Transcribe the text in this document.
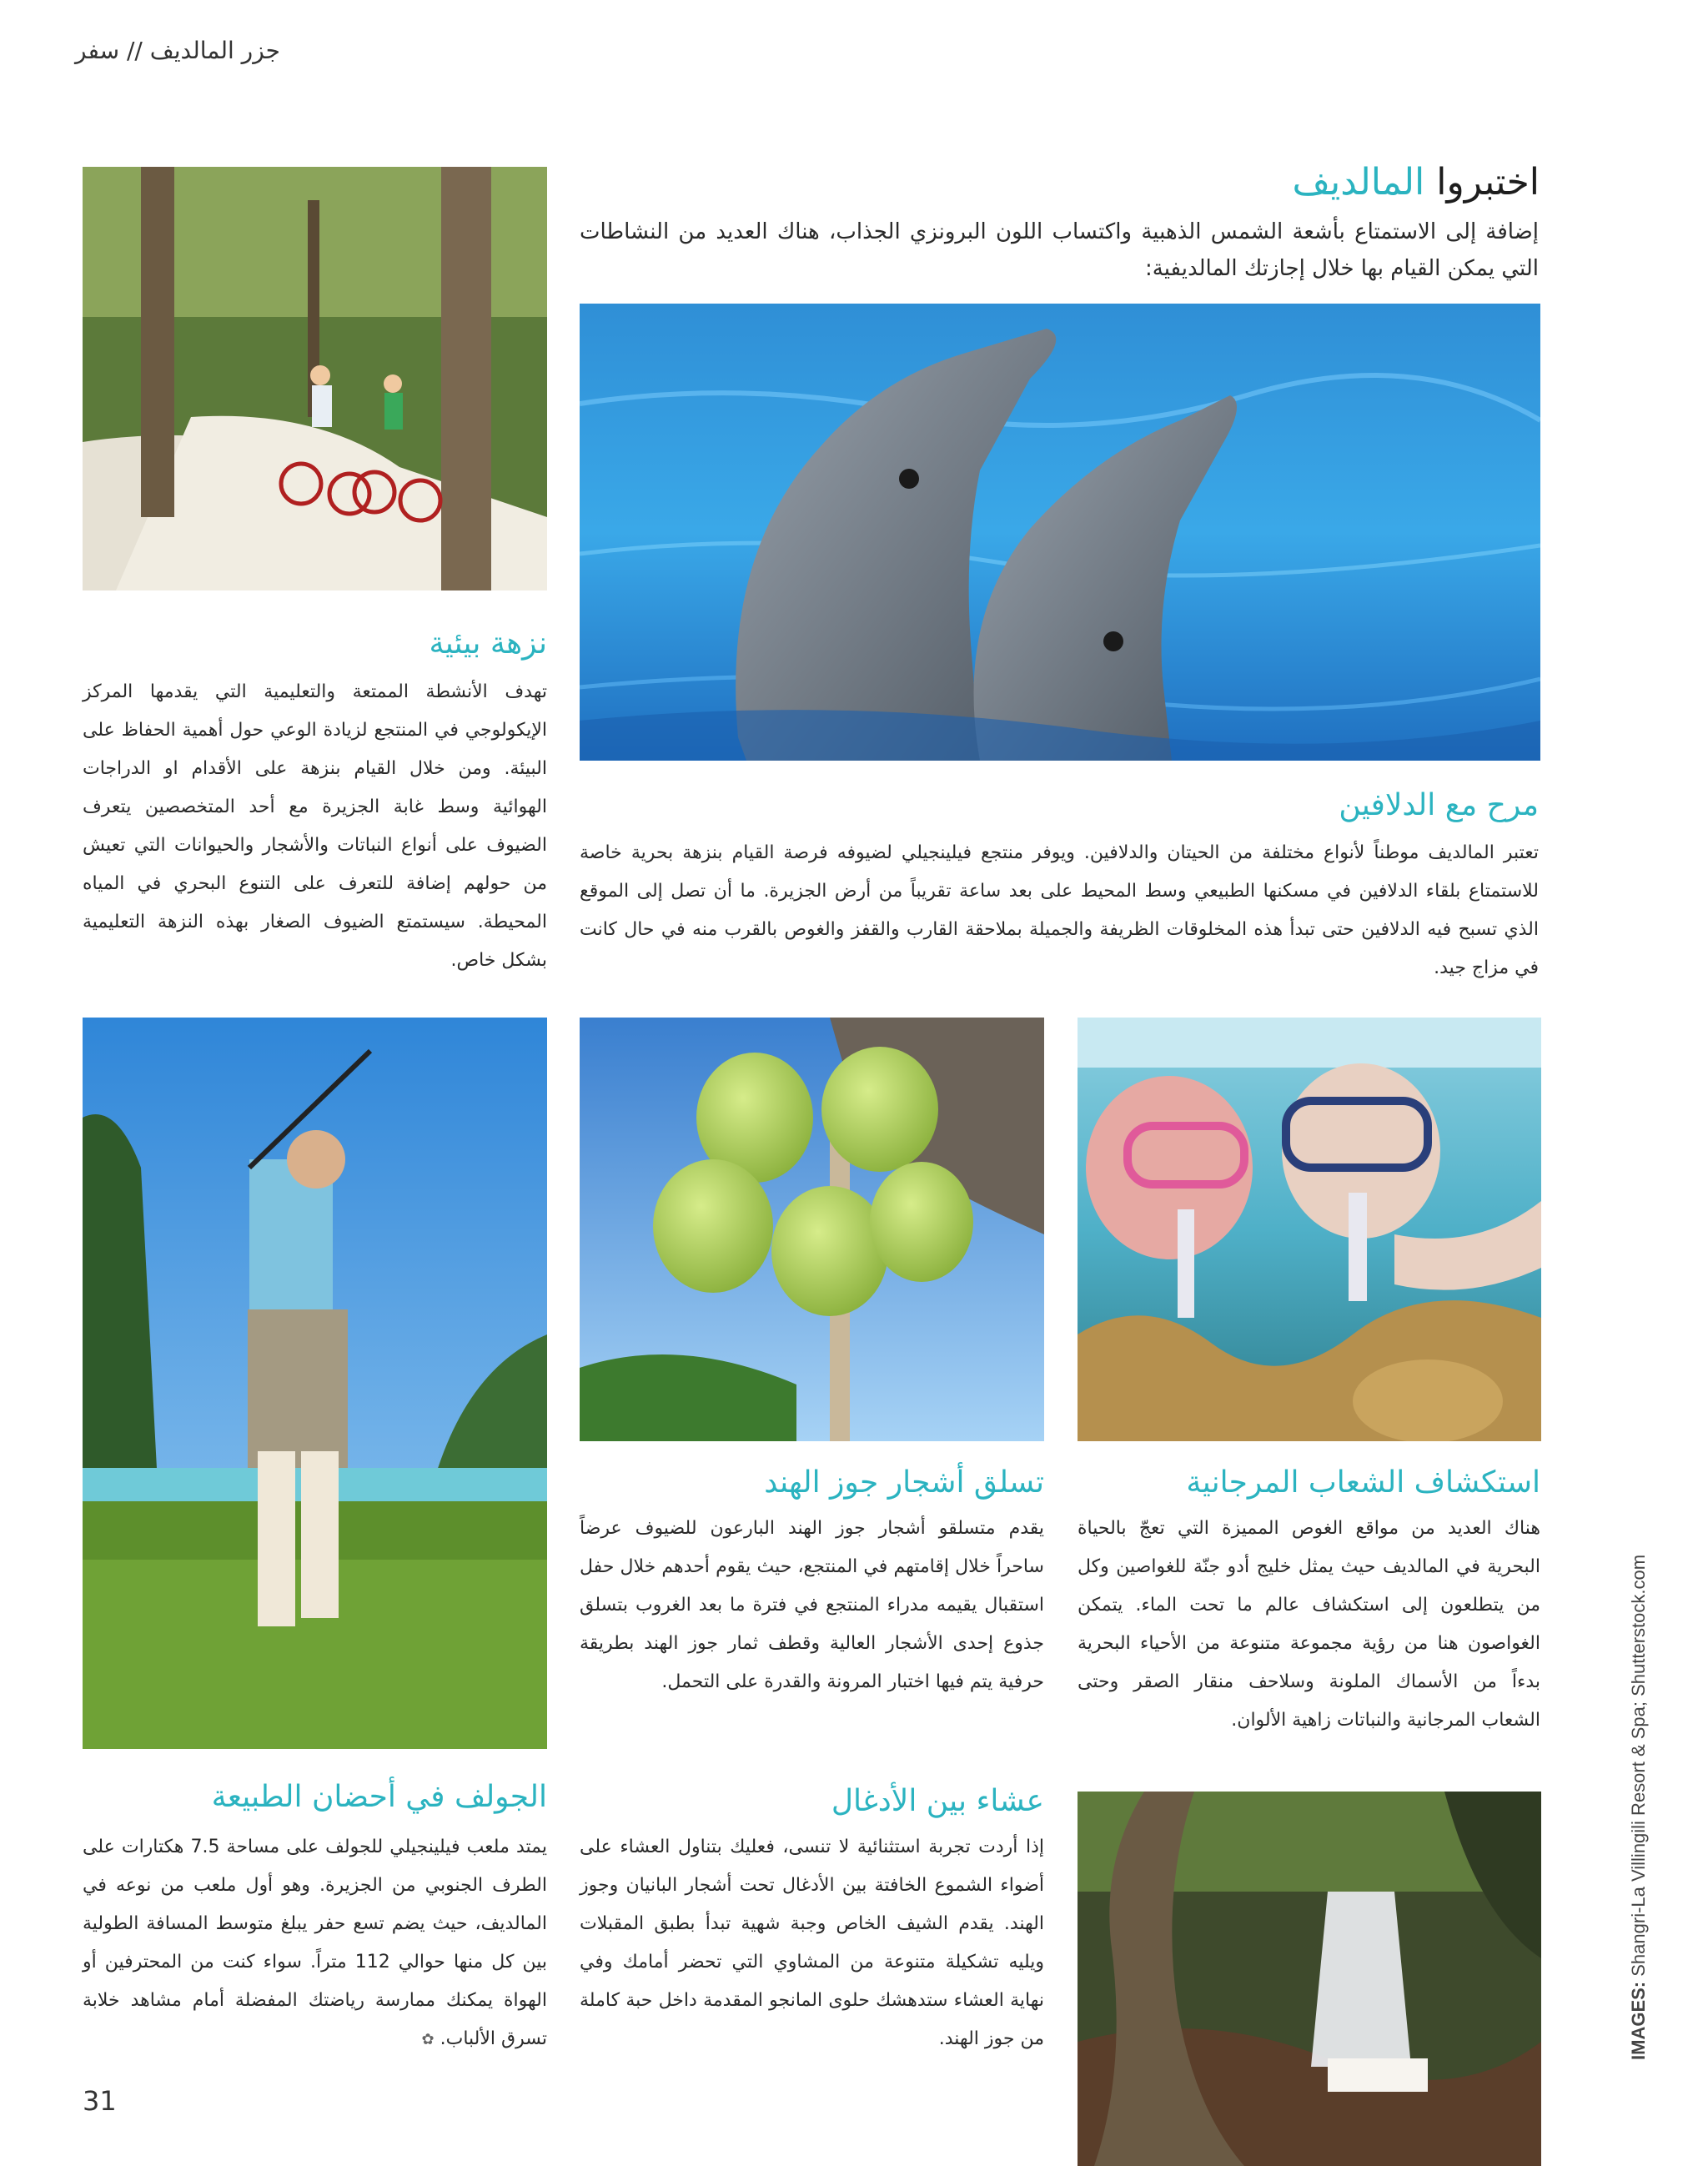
جزر المالديف // سفر
اختبروا المالديف
إضافة إلى الاستمتاع بأشعة الشمس الذهبية واكتساب اللون البرونزي الجذاب، هناك العديد من النشاطات التي يمكن القيام بها خلال إجازتك المالديفية:
مرح مع الدلافين
تعتبر المالديف موطناً لأنواع مختلفة من الحيتان والدلافين. ويوفر منتجع فيلينجيلي لضيوفه فرصة القيام بنزهة بحرية خاصة للاستمتاع بلقاء الدلافين في مسكنها الطبيعي وسط المحيط على بعد ساعة تقريباً من أرض الجزيرة. ما أن تصل إلى الموقع الذي تسبح فيه الدلافين حتى تبدأ هذه المخلوقات الظريفة والجميلة بملاحقة القارب والقفز والغوص بالقرب منه في حال كانت في مزاج جيد.
نزهة بيئية
تهدف الأنشطة الممتعة والتعليمية التي يقدمها المركز الإيكولوجي في المنتجع لزيادة الوعي حول أهمية الحفاظ على البيئة. ومن خلال القيام بنزهة على الأقدام او الدراجات الهوائية وسط غابة الجزيرة مع أحد المتخصصين يتعرف الضيوف على أنواع النباتات والأشجار والحيوانات التي تعيش من حولهم إضافة للتعرف على التنوع البحري في المياه المحيطة. سيستمتع الضيوف الصغار بهذه النزهة التعليمية بشكل خاص.
الجولف في أحضان الطبيعة
يمتد ملعب فيلينجيلي للجولف على مساحة 7.5 هكتارات على الطرف الجنوبي من الجزيرة. وهو أول ملعب من نوعه في المالديف، حيث يضم تسع حفر يبلغ متوسط المسافة الطولية بين كل منها حوالي 112 متراً. سواء كنت من المحترفين أو الهواة يمكنك ممارسة رياضتك المفضلة أمام مشاهد خلابة تسرق الألباب. ✿
تسلق أشجار جوز الهند
يقدم متسلقو أشجار جوز الهند البارعون للضيوف عرضاً ساحراً خلال إقامتهم في المنتجع، حيث يقوم أحدهم خلال حفل استقبال يقيمه مدراء المنتجع في فترة ما بعد الغروب بتسلق جذوع إحدى الأشجار العالية وقطف ثمار جوز الهند بطريقة حرفية يتم فيها اختبار المرونة والقدرة على التحمل.
عشاء بين الأدغال
إذا أردت تجربة استثنائية لا تنسى، فعليك بتناول العشاء على أضواء الشموع الخافتة بين الأدغال تحت أشجار البانيان وجوز الهند. يقدم الشيف الخاص وجبة شهية تبدأ بطبق المقبلات ويليه تشكيلة متنوعة من المشاوي التي تحضر أمامك وفي نهاية العشاء ستدهشك حلوى المانجو المقدمة داخل حبة كاملة من جوز الهند.
استكشاف الشعاب المرجانية
هناك العديد من مواقع الغوص المميزة التي تعجّ بالحياة البحرية في المالديف حيث يمثل خليج أدو جنّة للغواصين وكل من يتطلعون إلى استكشاف عالم ما تحت الماء. يتمكن الغواصون هنا من رؤية مجموعة متنوعة من الأحياء البحرية بدءاً من الأسماك الملونة وسلاحف منقار الصقر وحتى الشعاب المرجانية والنباتات زاهية الألوان.
IMAGES: Shangri-La Villingili Resort & Spa; Shutterstock.com
31
